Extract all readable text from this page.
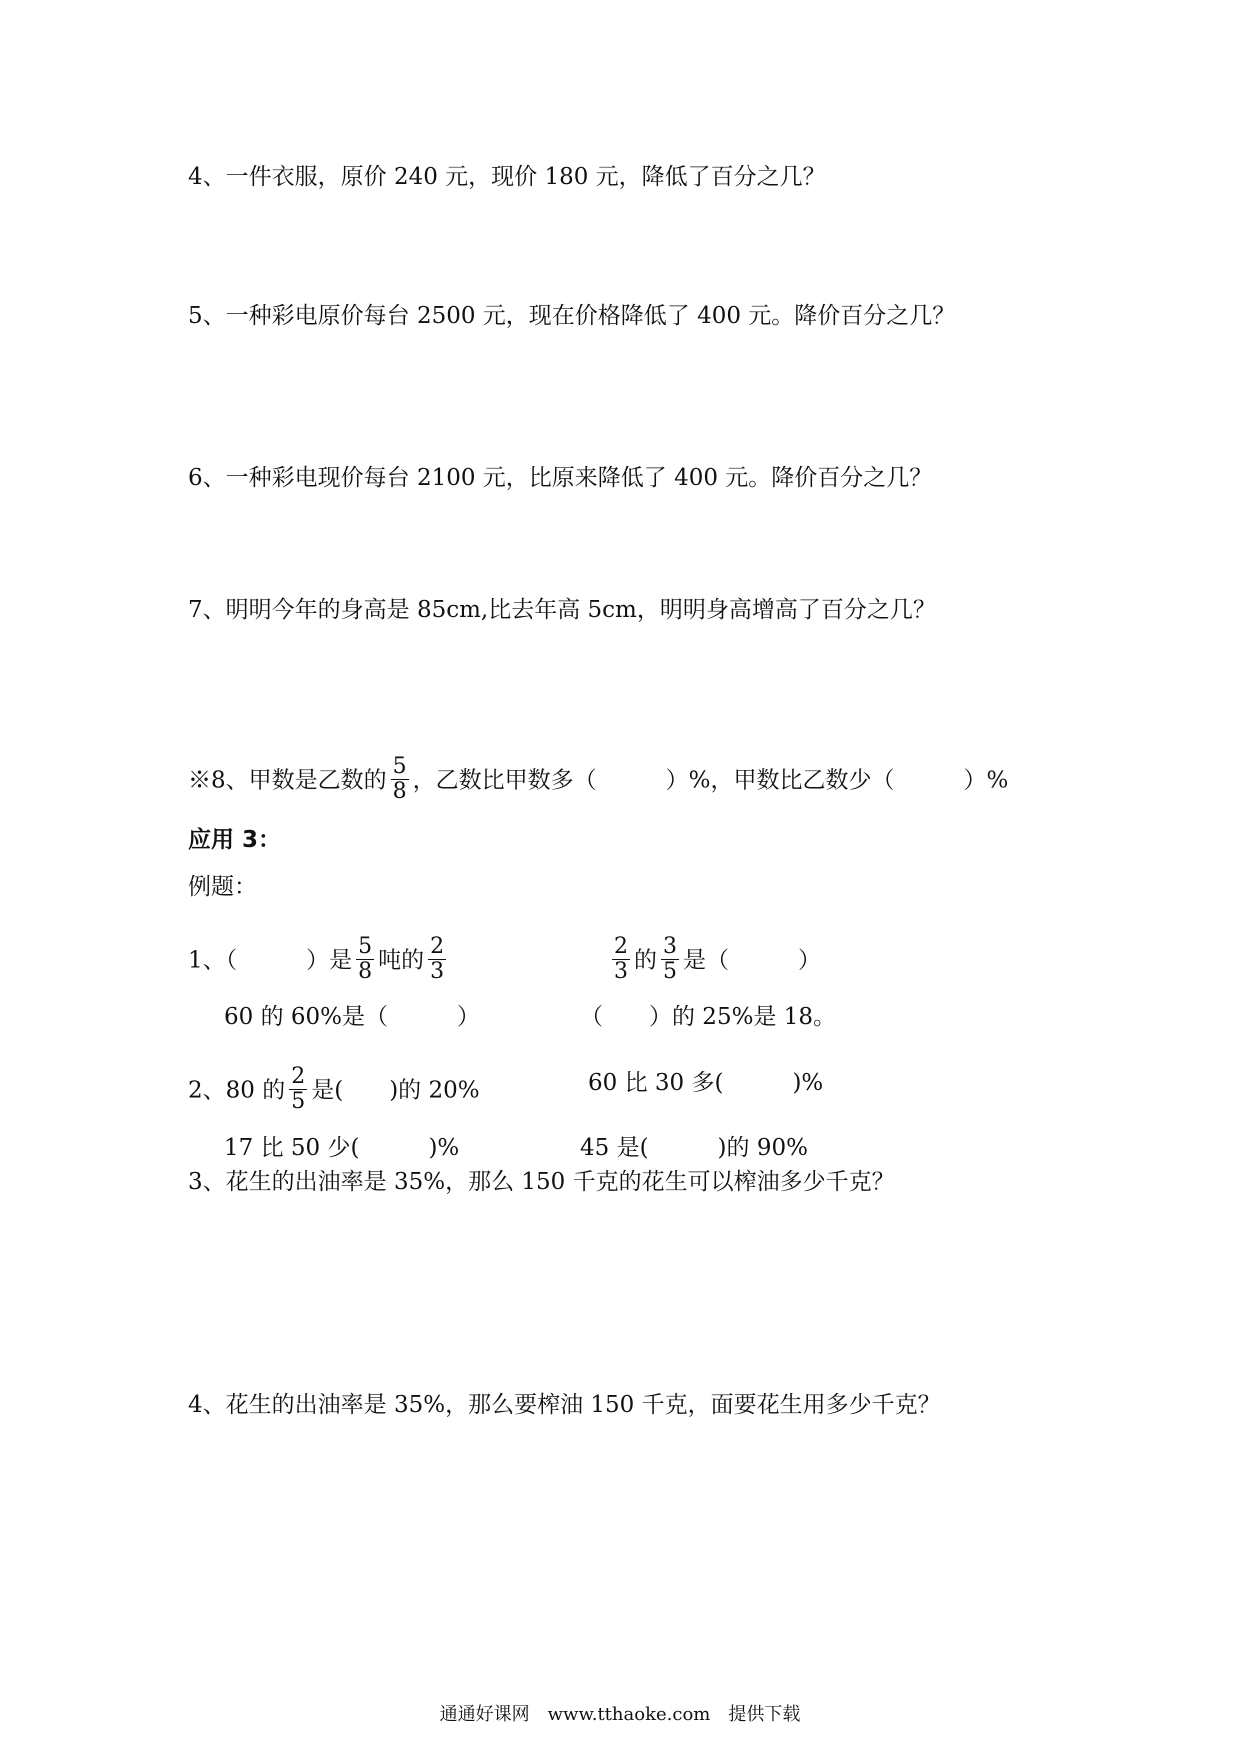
4、一件衣服，原价 240 元，现价 180 元，降低了百分之几？
5、一种彩电原价每台 2500 元，现在价格降低了 400 元。降价百分之几？
6、一种彩电现价每台 2100 元，比原来降低了 400 元。降价百分之几？
7、明明今年的身高是 85cm,比去年高 5cm，明明身高增高了百分之几？
※8、甲数是乙数的 $\frac{5}{8}$ ，乙数比甲数多（　　　）%，甲数比乙数少（　　　）%
应用 3：
例题：
1、（　　　）是 $\frac{5}{8}$ 吨的 $\frac{2}{3}$	$\frac{2}{3}$ 的 $\frac{3}{5}$ 是（　　　）
60 的 60%是（　　　）	（　　）的 25%是 18。
2、80 的 $\frac{2}{5}$ 是(　　)的 20%	60 比 30 多(　　　)%
17 比 50 少(　　　)%	45 是(　　　)的 90%
3、花生的出油率是 35%，那么 150 千克的花生可以榨油多少千克？
4、花生的出油率是 35%，那么要榨油 150 千克，面要花生用多少千克？
通通好课网　www.tthaoke.com　提供下载
